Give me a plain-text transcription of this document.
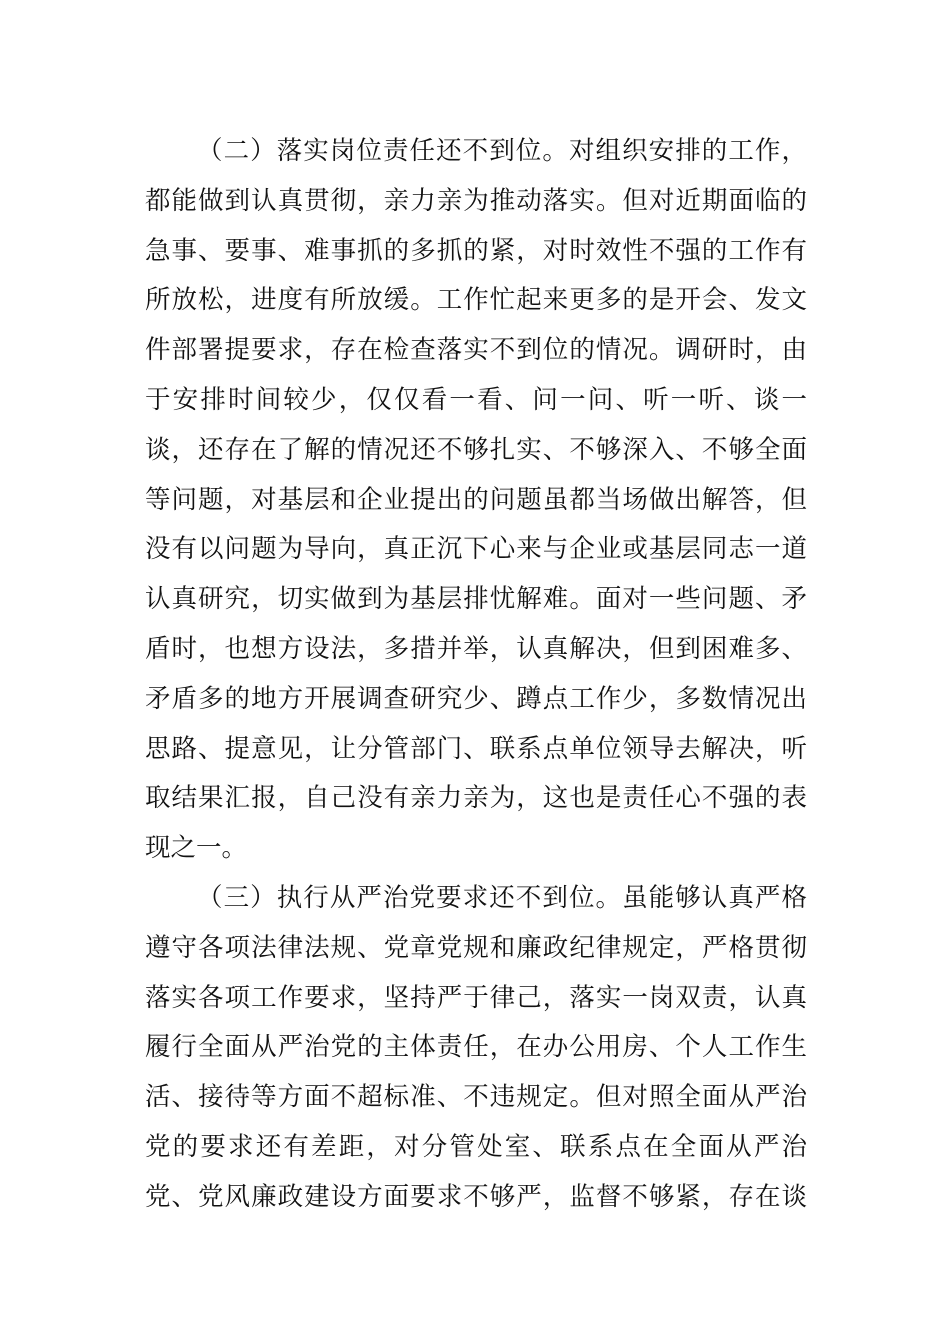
（二）落实岗位责任还不到位。对组织安排的工作，
都能做到认真贯彻，亲力亲为推动落实。但对近期面临的
急事、要事、难事抓的多抓的紧，对时效性不强的工作有
所放松，进度有所放缓。工作忙起来更多的是开会、发文
件部署提要求，存在检查落实不到位的情况。调研时，由
于安排时间较少，仅仅看一看、问一问、听一听、谈一
谈，还存在了解的情况还不够扎实、不够深入、不够全面
等问题，对基层和企业提出的问题虽都当场做出解答，但
没有以问题为导向，真正沉下心来与企业或基层同志一道
认真研究，切实做到为基层排忧解难。面对一些问题、矛
盾时，也想方设法，多措并举，认真解决，但到困难多、
矛盾多的地方开展调查研究少、蹲点工作少，多数情况出
思路、提意见，让分管部门、联系点单位领导去解决，听
取结果汇报，自己没有亲力亲为，这也是责任心不强的表
现之一。
（三）执行从严治党要求还不到位。虽能够认真严格
遵守各项法律法规、党章党规和廉政纪律规定，严格贯彻
落实各项工作要求，坚持严于律己，落实一岗双责，认真
履行全面从严治党的主体责任，在办公用房、个人工作生
活、接待等方面不超标准、不违规定。但对照全面从严治
党的要求还有差距，对分管处室、联系点在全面从严治
党、党风廉政建设方面要求不够严，监督不够紧，存在谈
